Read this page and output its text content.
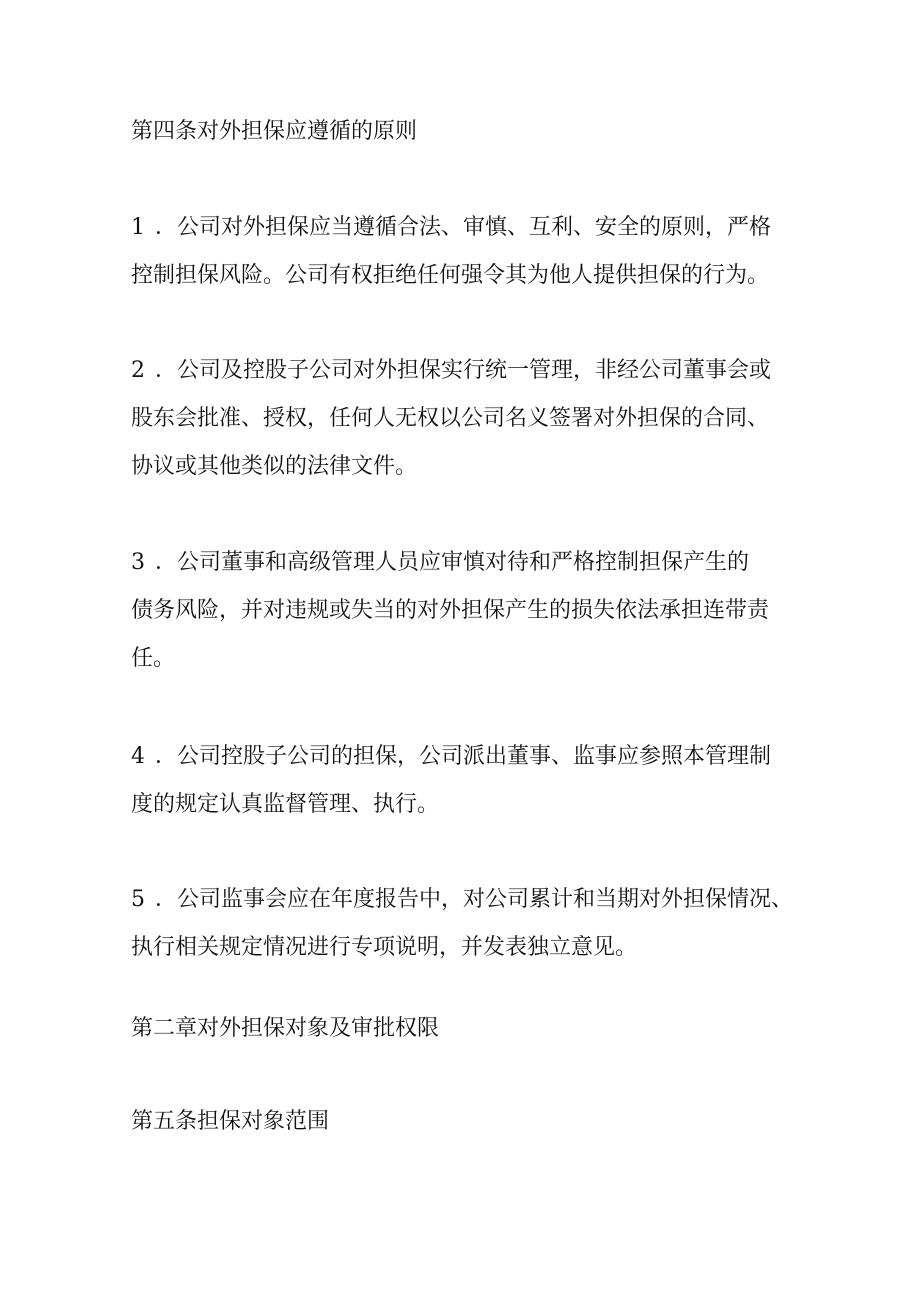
第四条对外担保应遵循的原则
1 ．公司对外担保应当遵循合法、审慎、互利、安全的原则，严格
控制担保风险。公司有权拒绝任何强令其为他人提供担保的行为。
2 ．公司及控股子公司对外担保实行统一管理，非经公司董事会或
股东会批准、授权，任何人无权以公司名义签署对外担保的合同、
协议或其他类似的法律文件。
3 ．公司董事和高级管理人员应审慎对待和严格控制担保产生的
债务风险，并对违规或失当的对外担保产生的损失依法承担连带责
任。
4 ．公司控股子公司的担保，公司派出董事、监事应参照本管理制
度的规定认真监督管理、执行。
5 ．公司监事会应在年度报告中，对公司累计和当期对外担保情况、
执行相关规定情况进行专项说明，并发表独立意见。
第二章对外担保对象及审批权限
第五条担保对象范围
